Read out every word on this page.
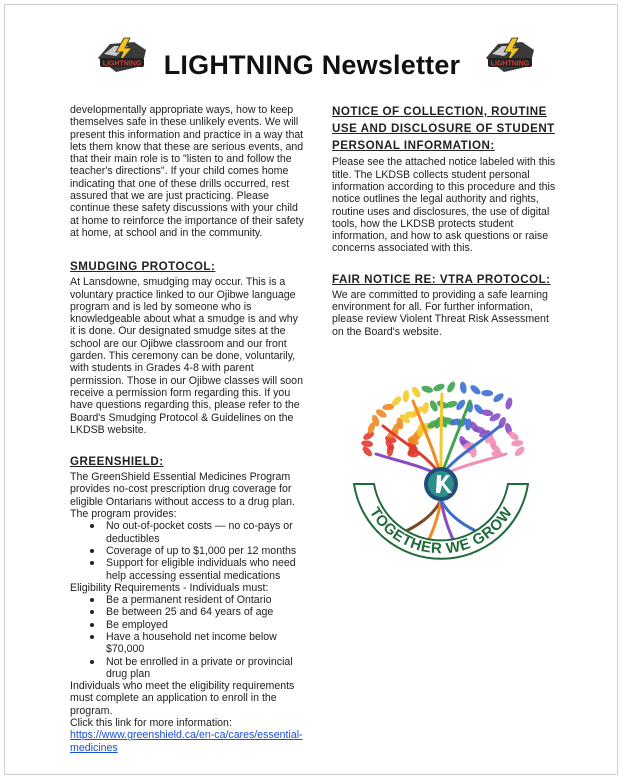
LIGHTNING	LIGHTNING
LIGHTNING Newsletter

developmentally appropriate ways, how to keep themselves safe in these unlikely events. We will present this information and practice in a way that lets them know that these are serious events, and that their main role is to "listen to and follow the teacher's directions". If your child comes home indicating that one of these drills occurred, rest assured that we are just practicing. Please continue these safety discussions with your child at home to reinforce the importance of their safety at home, at school and in the community.

SMUDGING PROTOCOL:

At Lansdowne, smudging may occur. This is a voluntary practice linked to our Ojibwe language program and is led by someone who is knowledgeable about what a smudge is and why it is done. Our designated smudge sites at the school are our Ojibwe classroom and our front garden. This ceremony can be done, voluntarily, with students in Grades 4-8 with parent permission. Those in our Ojibwe classes will soon receive a permission form regarding this. If you have questions regarding this, please refer to the Board's Smudging Protocol & Guidelines on the LKDSB website.

GREENSHIELD:

The GreenShield Essential Medicines Program provides no-cost prescription drug coverage for eligible Ontarians without access to a drug plan.

The program provides:

No out-of-pocket costs — no co-pays or deductibles
Coverage of up to $1,000 per 12 months
Support for eligible individuals who need help accessing essential medications

Eligibility Requirements - Individuals must:

Be a permanent resident of Ontario
Be between 25 and 64 years of age
Be employed
Have a household net income below $70,000
Not be enrolled in a private or provincial drug plan

Individuals who meet the eligibility requirements must complete an application to enroll in the program.

Click this link for more information:

https://www.greenshield.ca/en-ca/cares/essential-medicines
NOTICE OF COLLECTION, ROUTINE USE AND DISCLOSURE OF STUDENT PERSONAL INFORMATION:

Please see the attached notice labeled with this title. The LKDSB collects student personal information according to this procedure and this notice outlines the legal authority and rights, routine uses and disclosures, the use of digital tools, how the LKDSB protects student information, and how to ask questions or raise concerns associated with this.

FAIR NOTICE RE: VTRA PROTOCOL:

We are committed to providing a safe learning environment for all. For further information, please review Violent Threat Risk Assessment on the Board's website.

TOGETHER WE GROW
